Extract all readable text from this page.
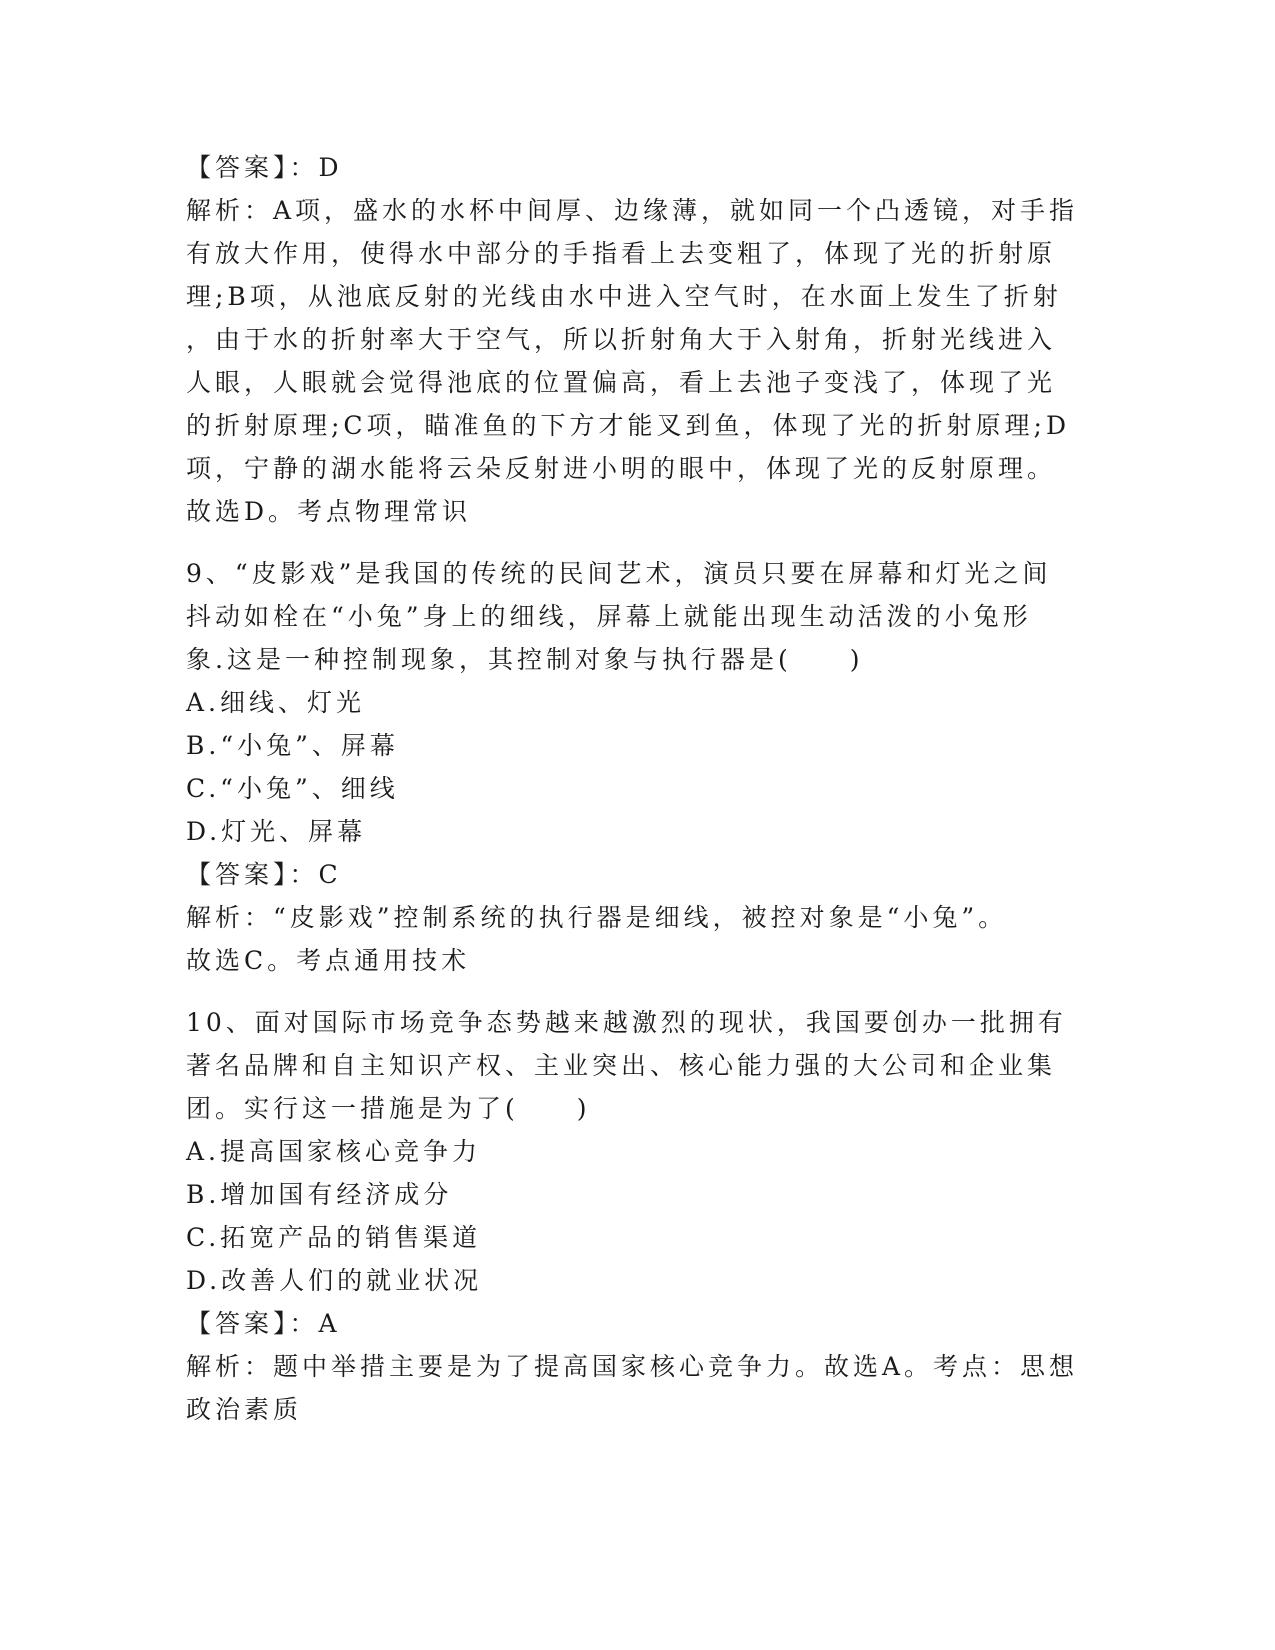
【答案】：D
解析：A项，盛水的水杯中间厚、边缘薄，就如同一个凸透镜，对手指
有放大作用，使得水中部分的手指看上去变粗了，体现了光的折射原
理;B项，从池底反射的光线由水中进入空气时，在水面上发生了折射
，由于水的折射率大于空气，所以折射角大于入射角，折射光线进入
人眼，人眼就会觉得池底的位置偏高，看上去池子变浅了，体现了光
的折射原理;C项，瞄准鱼的下方才能叉到鱼，体现了光的折射原理;D
项，宁静的湖水能将云朵反射进小明的眼中，体现了光的反射原理。
故选D。考点物理常识
9、“皮影戏”是我国的传统的民间艺术，演员只要在屏幕和灯光之间
抖动如栓在“小兔”身上的细线，屏幕上就能出现生动活泼的小兔形
象.这是一种控制现象，其控制对象与执行器是(　　)
A.细线、灯光
B.“小兔”、屏幕
C.“小兔”、细线
D.灯光、屏幕
【答案】：C
解析：“皮影戏”控制系统的执行器是细线，被控对象是“小兔”。
故选C。考点通用技术
10、面对国际市场竞争态势越来越激烈的现状，我国要创办一批拥有
著名品牌和自主知识产权、主业突出、核心能力强的大公司和企业集
团。实行这一措施是为了(　　)
A.提高国家核心竞争力
B.增加国有经济成分
C.拓宽产品的销售渠道
D.改善人们的就业状况
【答案】：A
解析：题中举措主要是为了提高国家核心竞争力。故选A。考点：思想
政治素质
